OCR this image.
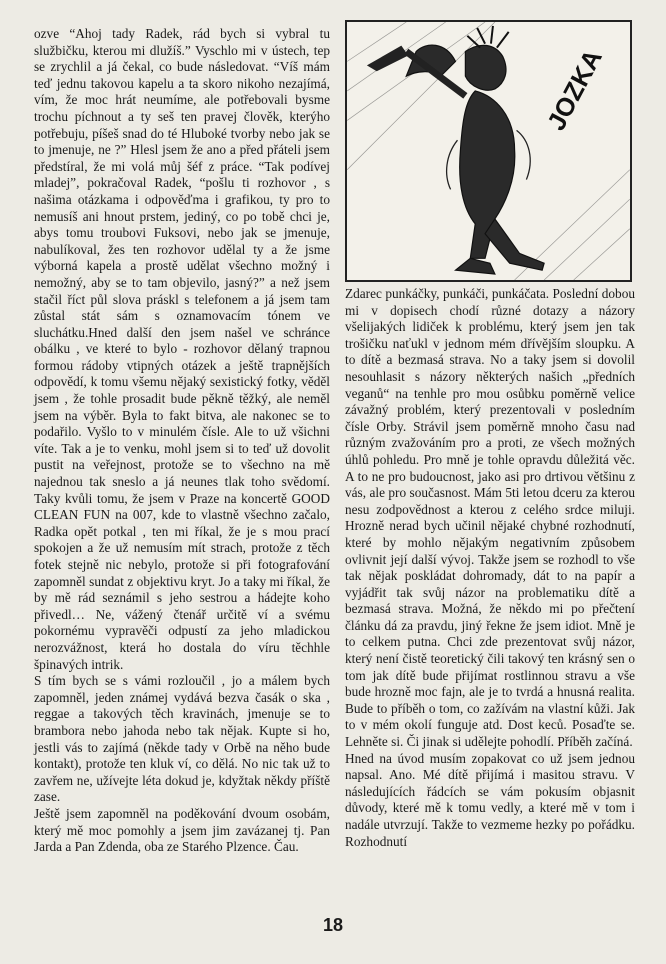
ozve “Ahoj tady Radek, rád bych si vybral tu službičku, kterou mi dlužíš.” Vyschlo mi v ústech, tep se zrychlil a já čekal, co bude následovat. “Víš mám teď jednu takovou kapelu a ta skoro nikoho nezajímá, vím, že moc hrát neumíme, ale potřebovali bysme trochu píchnout a ty seš ten pravej člověk, kterýho potřebuju, píšeš snad do té Hluboké tvorby nebo jak se to jmenuje, ne ?” Hlesl jsem že ano a před přáteli jsem předstíral, že mi volá můj šéf z práce. “Tak podívej mladej”, pokračoval Radek, “pošlu ti rozhovor , s našima otázkama i odpověďma i grafikou, ty pro to nemusíš ani hnout prstem, jediný, co po tobě chci je, abys tomu troubovi Fuksovi, nebo jak se jmenuje, nabulíkoval, žes ten rozhovor udělal ty a že jsme výborná kapela a prostě udělat všechno možný i nemožný, aby se to tam objevilo, jasný?” a než jsem stačil říct půl slova práskl s telefonem a já jsem tam zůstal stát sám s oznamovacím tónem ve sluchátku.Hned další den jsem našel ve schránce obálku , ve které to bylo - rozhovor dělaný trapnou formou rádoby vtipných otázek a ještě trapnějších odpovědí, k tomu všemu nějaký sexistický fotky, věděl jsem , že tohle prosadit bude pěkně těžký, ale neměl jsem na výběr. Byla to fakt bitva, ale nakonec se to podařilo. Vyšlo to v minulém čísle. Ale to už všichni víte. Tak a je to venku, mohl jsem si to teď už dovolit pustit na veřejnost, protože se to všechno na mě najednou tak sneslo a já neunes tlak toho svědomí. Taky kvůli tomu, že jsem v Praze na koncertě GOOD CLEAN FUN na 007, kde to vlastně všechno začalo, Radka opět potkal , ten mi říkal, že je s mou prací spokojen a že už nemusím mít strach, protože z těch fotek stejně nic nebylo, protože si při fotografování zapomněl sundat z objektivu kryt. Jo a taky mi říkal, že by mě rád seznámil s jeho sestrou a hádejte koho přivedl… Ne, vážený čtenář určitě ví a svému pokornému vypravěči odpustí za jeho mladickou nerozvážnost, která ho dostala do víru těchhle špinavých intrik.

S tím bych se s vámi rozloučil , jo a málem bych zapomněl, jeden známej vydává bezva časák o ska , reggae a takových těch kravinách, jmenuje se to brambora nebo jahoda nebo tak nějak. Kupte si ho, jestli vás to zajímá (někde tady v Orbě na něho bude kontakt), protože ten kluk ví, co dělá. No nic tak už to zavřem ne, užívejte léta dokud je, kdyžtak někdy příště zase.

Ještě jsem zapomněl na poděkování dvoum osobám, který mě moc pomohly a jsem jim zavázanej tj. Pan Jarda a Pan Zdenda, oba ze Starého Plzence. Čau.

JOZKA

Zdarec punkáčky, punkáči, punkáčata. Poslední dobou mi v dopisech chodí různé dotazy a názory všelijakých lidiček k problému, který jsem jen tak trošičku naťukl v jednom mém dřívějším sloupku. A to dítě a bezmasá strava. No a taky jsem si dovolil nesouhlasit s názory některých našich „předních veganů“ na tenhle pro mou osůbku poměrně velice závažný problém, který prezentovali v posledním čísle Orby. Strávil jsem poměrně mnoho času nad různým zvažováním pro a proti, ze všech možných úhlů pohledu. Pro mně je tohle opravdu důležitá věc. A to ne pro budoucnost, jako asi pro drtivou většinu z vás, ale pro současnost. Mám 5ti letou dceru za kterou nesu zodpovědnost a kterou z celého srdce miluji. Hrozně nerad bych učinil nějaké chybné rozhodnutí, které by mohlo nějakým negativním způsobem ovlivnit její další vývoj. Takže jsem se rozhodl to vše tak nějak poskládat dohromady, dát to na papír a vyjádřit tak svůj názor na problematiku dítě a bezmasá strava. Možná, že někdo mi po přečtení článku dá za pravdu, jiný řekne že jsem idiot. Mně je to celkem putna. Chci zde prezentovat svůj názor, který není čistě teoretický čili takový ten krásný sen o tom jak dítě bude přijímat rostlinnou stravu a vše bude hrozně moc fajn, ale je to tvrdá a hnusná realita. Bude to příběh o tom, co zažívám na vlastní kůži. Jak to v mém okolí funguje atd. Dost keců. Posaďte se. Lehněte si. Či jinak si udělejte pohodlí. Příběh začíná.

Hned na úvod musím zopakovat co už jsem jednou napsal. Ano. Mé dítě přijímá i masitou stravu. V následujících řádcích se vám pokusím objasnit důvody, které mě k tomu vedly, a které mě v tom i nadále utvrzují. Takže to vezmeme hezky po pořádku. Rozhodnutí

18
